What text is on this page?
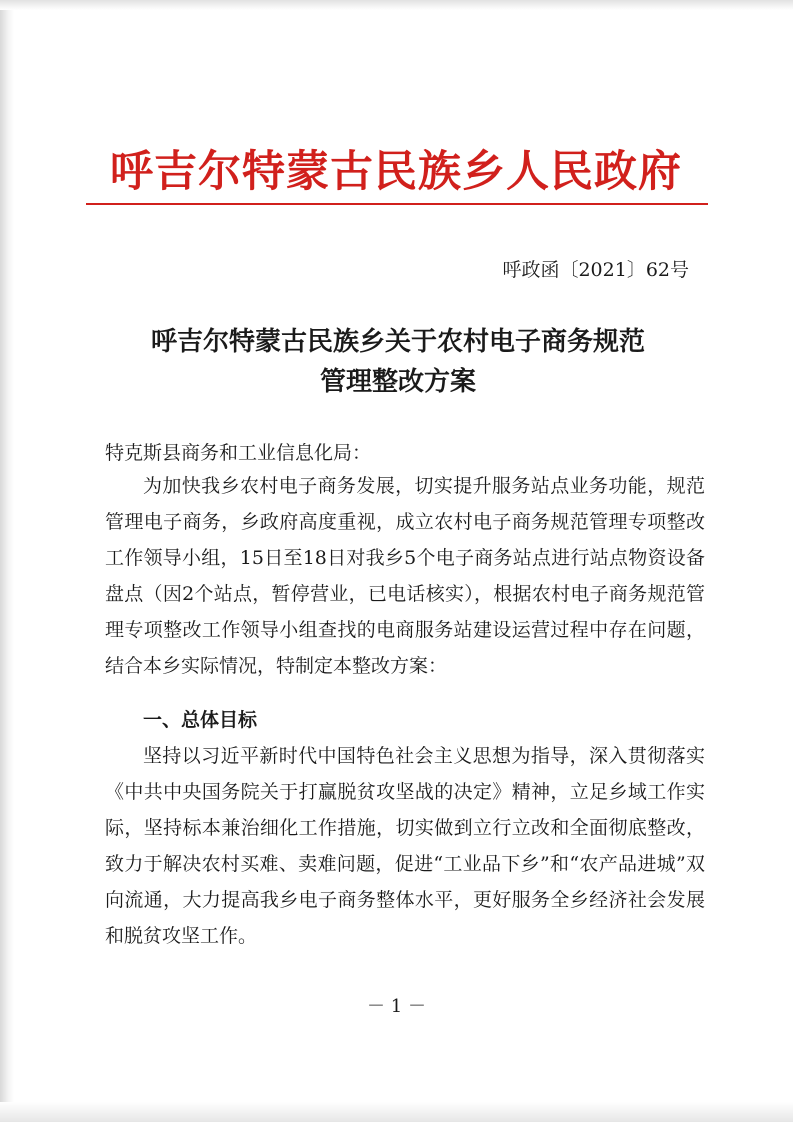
呼吉尔特蒙古民族乡人民政府
呼政函〔2021〕62号
呼吉尔特蒙古民族乡关于农村电子商务规范
管理整改方案
特克斯县商务和工业信息化局：
为加快我乡农村电子商务发展，切实提升服务站点业务功能，规范管理电子商务，乡政府高度重视，成立农村电子商务规范管理专项整改工作领导小组，15日至18日对我乡5个电子商务站点进行站点物资设备盘点（因2个站点，暂停营业，已电话核实），根据农村电子商务规范管理专项整改工作领导小组查找的电商服务站建设运营过程中存在问题，结合本乡实际情况，特制定本整改方案：
一、总体目标
坚持以习近平新时代中国特色社会主义思想为指导，深入贯彻落实《中共中央国务院关于打赢脱贫攻坚战的决定》精神，立足乡域工作实际，坚持标本兼治细化工作措施，切实做到立行立改和全面彻底整改，致力于解决农村买难、卖难问题，促进“工业品下乡”和“农产品进城”双向流通，大力提高我乡电子商务整体水平，更好服务全乡经济社会发展和脱贫攻坚工作。
－ 1 －
